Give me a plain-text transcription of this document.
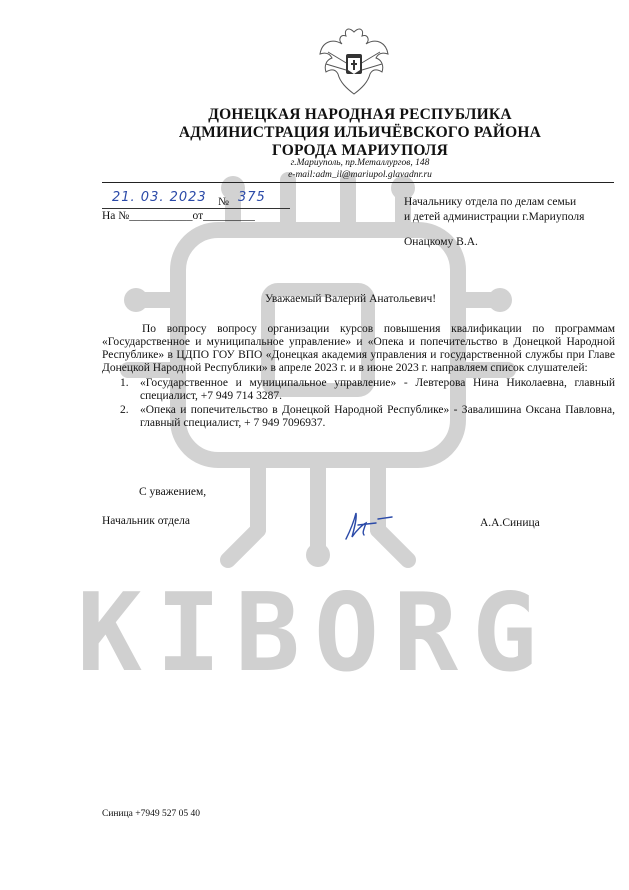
KIBORG
ДОНЕЦКАЯ НАРОДНАЯ РЕСПУБЛИКА
АДМИНИСТРАЦИЯ ИЛЬИЧЁВСКОГО РАЙОНА
ГОРОДА МАРИУПОЛЯ
г.Мариуполь, пр.Металлургов, 148
e-mail:adm_il@mariupol.glavadnr.ru
21. 03. 2023 № 375
На №___________от_________
Начальнику отдела по делам семьи
и детей администрации г.Мариуполя
Онацкому В.А.
Уважаемый Валерий Анатольевич!

По вопросу вопросу организации курсов повышения квалификации по программам «Государственное и муниципальное управление» и «Опека и попечительство в Донецкой Народной Республике» в ЦДПО ГОУ ВПО «Донецкая академия управления и государственной службы при Главе Донецкой Народной Республики» в апреле 2023 г. и в июне 2023 г. направляем список слушателей:

1. «Государственное и муниципальное управление» - Левтерова Нина Николаевна, главный специалист, +7 949 714 3287.
2. «Опека и попечительство в Донецкой Народной Республике» - Завалишина Оксана Павловна, главный специалист, + 7 949 7096937.
С уважением,
Начальник отдела	А.А.Синица
Синица +7949 527 05 40
